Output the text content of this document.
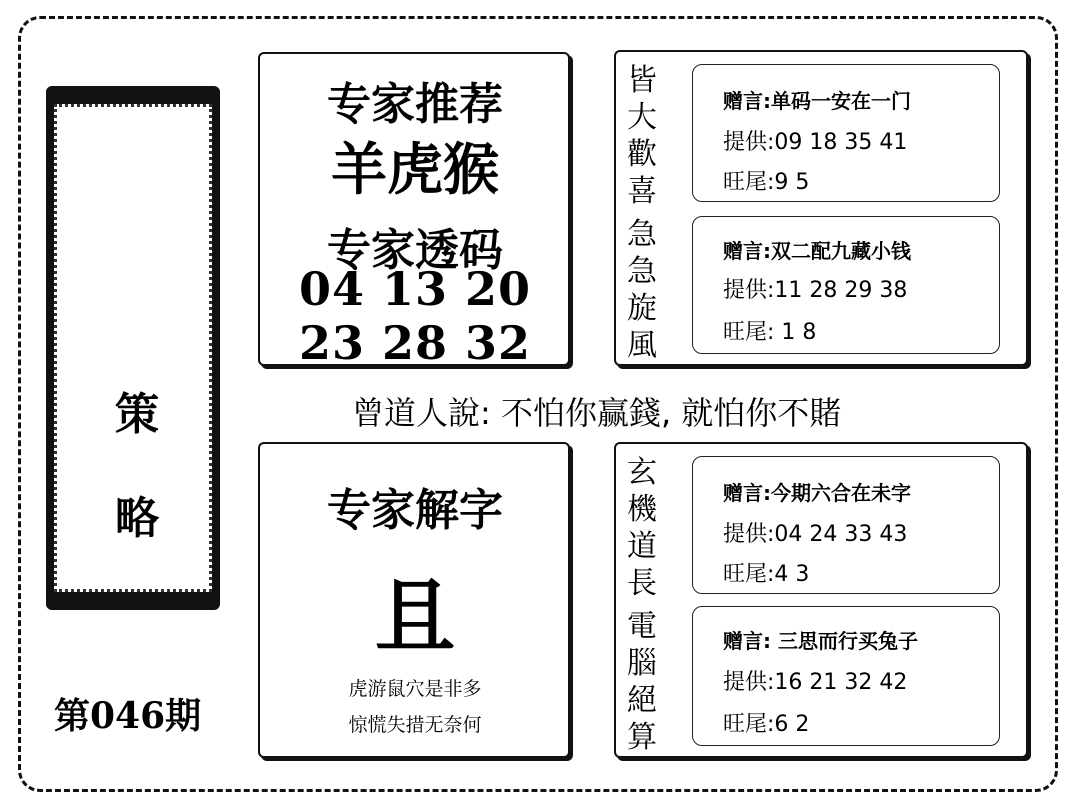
策
略
第046期
专家推荐
羊虎猴
专家透码
04 13 20
23 28 32
曾道人說: 不怕你赢錢, 就怕你不賭
专家解字
且
虎游鼠穴是非多
惊慌失措无奈何
皆
大
歡
喜
急
急
旋
風
赠言:单码一安在一门
提供:09 18 35 41
旺尾:9 5
赠言:双二配九藏小钱
提供:11 28 29 38
旺尾: 1 8
玄
機
道
長
電
腦
絕
算
赠言:今期六合在未字
提供:04 24 33 43
旺尾:4 3
赠言: 三思而行买兔子
提供:16 21 32 42
旺尾:6 2
